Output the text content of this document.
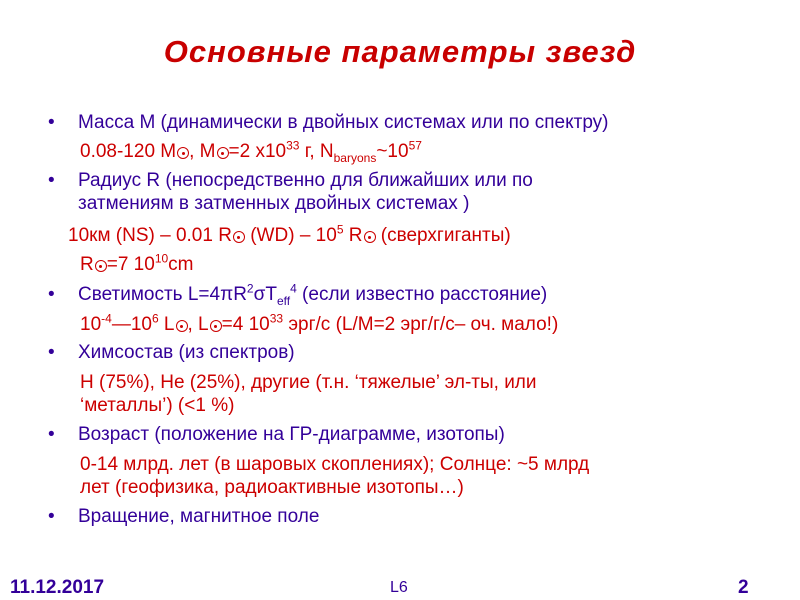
Основные параметры звезд
• Масса М (динамически в двойных системах или по спектру)
0.08-120 M , M =2 $x10^{33}$ г, $N_{baryons}\sim 10^{57}$
• Радиус R (непосредственно для ближайших или по
затмениям в затменных двойных системах )
10км (NS) – 0.01 R $(WD) - 10^5$ R (сверхгиганты)
R =7 $10^{10}cm$
• Светимость $L=4\pi R^2\sigma T_{eff}^4$ (если известно расстояние)
$10^{-4}—10^6$ L , L =4 $10^{33}$ эрг/с (L/M=2 эрг/г/с– оч. мало!)
• Химсостав (из спектров)
H (75%), He (25%), другие (т.н. ‘тяжелые’ эл-ты, или
‘металлы’) (<1 %)
• Возраст (положение на ГР-диаграмме, изотопы)
0-14 млрд. лет (в шаровых скоплениях); Солнце: ~5 млрд
лет (геофизика, радиоактивные изотопы…)
• Вращение, магнитное поле
11.12.2017	L6	2
